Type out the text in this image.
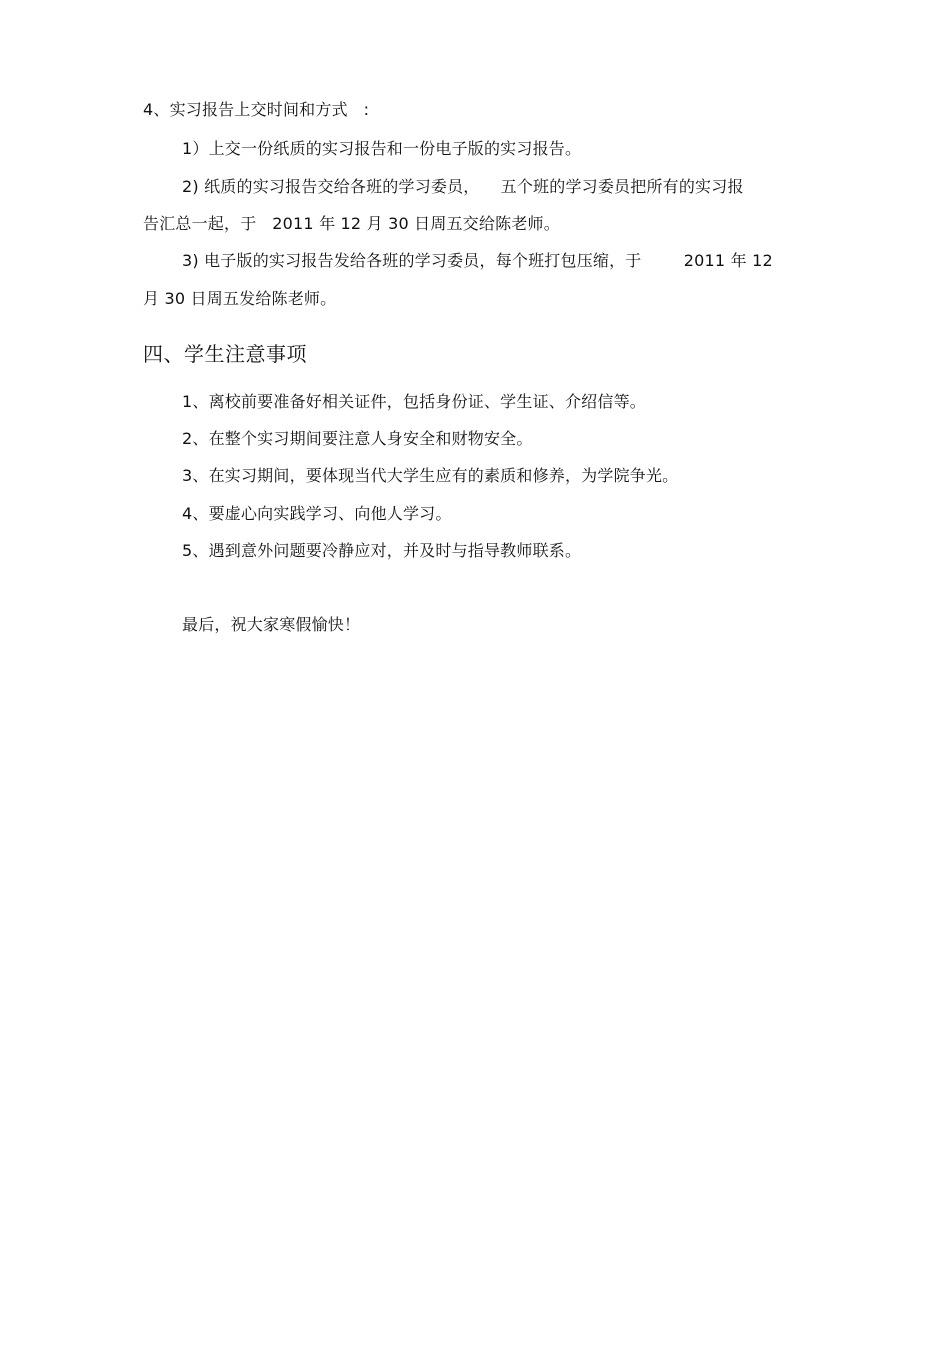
4、实习报告上交时间和方式   :
1）上交一份纸质的实习报告和一份电子版的实习报告。
2) 纸质的实习报告交给各班的学习委员，    五个班的学习委员把所有的实习报
告汇总一起，于   2011 年 12 月 30 日周五交给陈老师。
3) 电子版的实习报告发给各班的学习委员，每个班打包压缩，于        2011 年 12
月 30 日周五发给陈老师。
四、学生注意事项
1、离校前要准备好相关证件，包括身份证、学生证、介绍信等。
2、在整个实习期间要注意人身安全和财物安全。
3、在实习期间，要体现当代大学生应有的素质和修养，为学院争光。
4、要虚心向实践学习、向他人学习。
5、遇到意外问题要冷静应对，并及时与指导教师联系。
最后，祝大家寒假愉快！
